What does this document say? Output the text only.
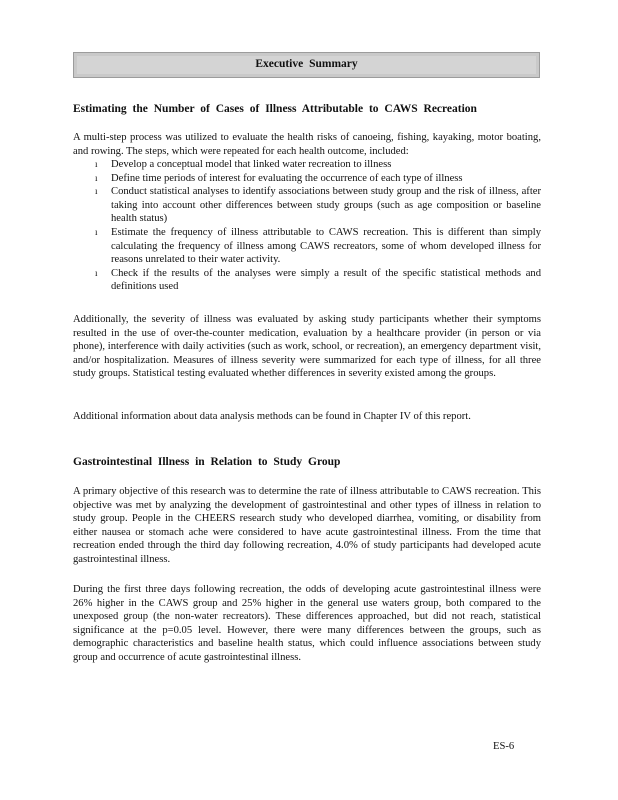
Executive Summary
Estimating the Number of Cases of Illness Attributable to CAWS Recreation
A multi-step process was utilized to evaluate the health risks of canoeing, fishing, kayaking, motor boating, and rowing. The steps, which were repeated for each health outcome, included:
ı Develop a conceptual model that linked water recreation to illness
ı Define time periods of interest for evaluating the occurrence of each type of illness
ı Conduct statistical analyses to identify associations between study group and the risk of illness, after taking into account other differences between study groups (such as age composition or baseline health status)
ı Estimate the frequency of illness attributable to CAWS recreation. This is different than simply calculating the frequency of illness among CAWS recreators, some of whom developed illness for reasons unrelated to their water activity.
ı Check if the results of the analyses were simply a result of the specific statistical methods and definitions used
Additionally, the severity of illness was evaluated by asking study participants whether their symptoms resulted in the use of over-the-counter medication, evaluation by a healthcare provider (in person or via phone), interference with daily activities (such as work, school, or recreation), an emergency department visit, and/or hospitalization. Measures of illness severity were summarized for each type of illness, for all three study groups. Statistical testing evaluated whether differences in severity existed among the groups.
Additional information about data analysis methods can be found in Chapter IV of this report.
Gastrointestinal Illness in Relation to Study Group
A primary objective of this research was to determine the rate of illness attributable to CAWS recreation. This objective was met by analyzing the development of gastrointestinal and other types of illness in relation to study group. People in the CHEERS research study who developed diarrhea, vomiting, or disability from either nausea or stomach ache were considered to have acute gastrointestinal illness. From the time that recreation ended through the third day following recreation, 4.0% of study participants had developed acute gastrointestinal illness.
During the first three days following recreation, the odds of developing acute gastrointestinal illness were 26% higher in the CAWS group and 25% higher in the general use waters group, both compared to the unexposed group (the non-water recreators). These differences approached, but did not reach, statistical significance at the p=0.05 level. However, there were many differences between the groups, such as demographic characteristics and baseline health status, which could influence associations between study group and occurrence of acute gastrointestinal illness.
ES-6
